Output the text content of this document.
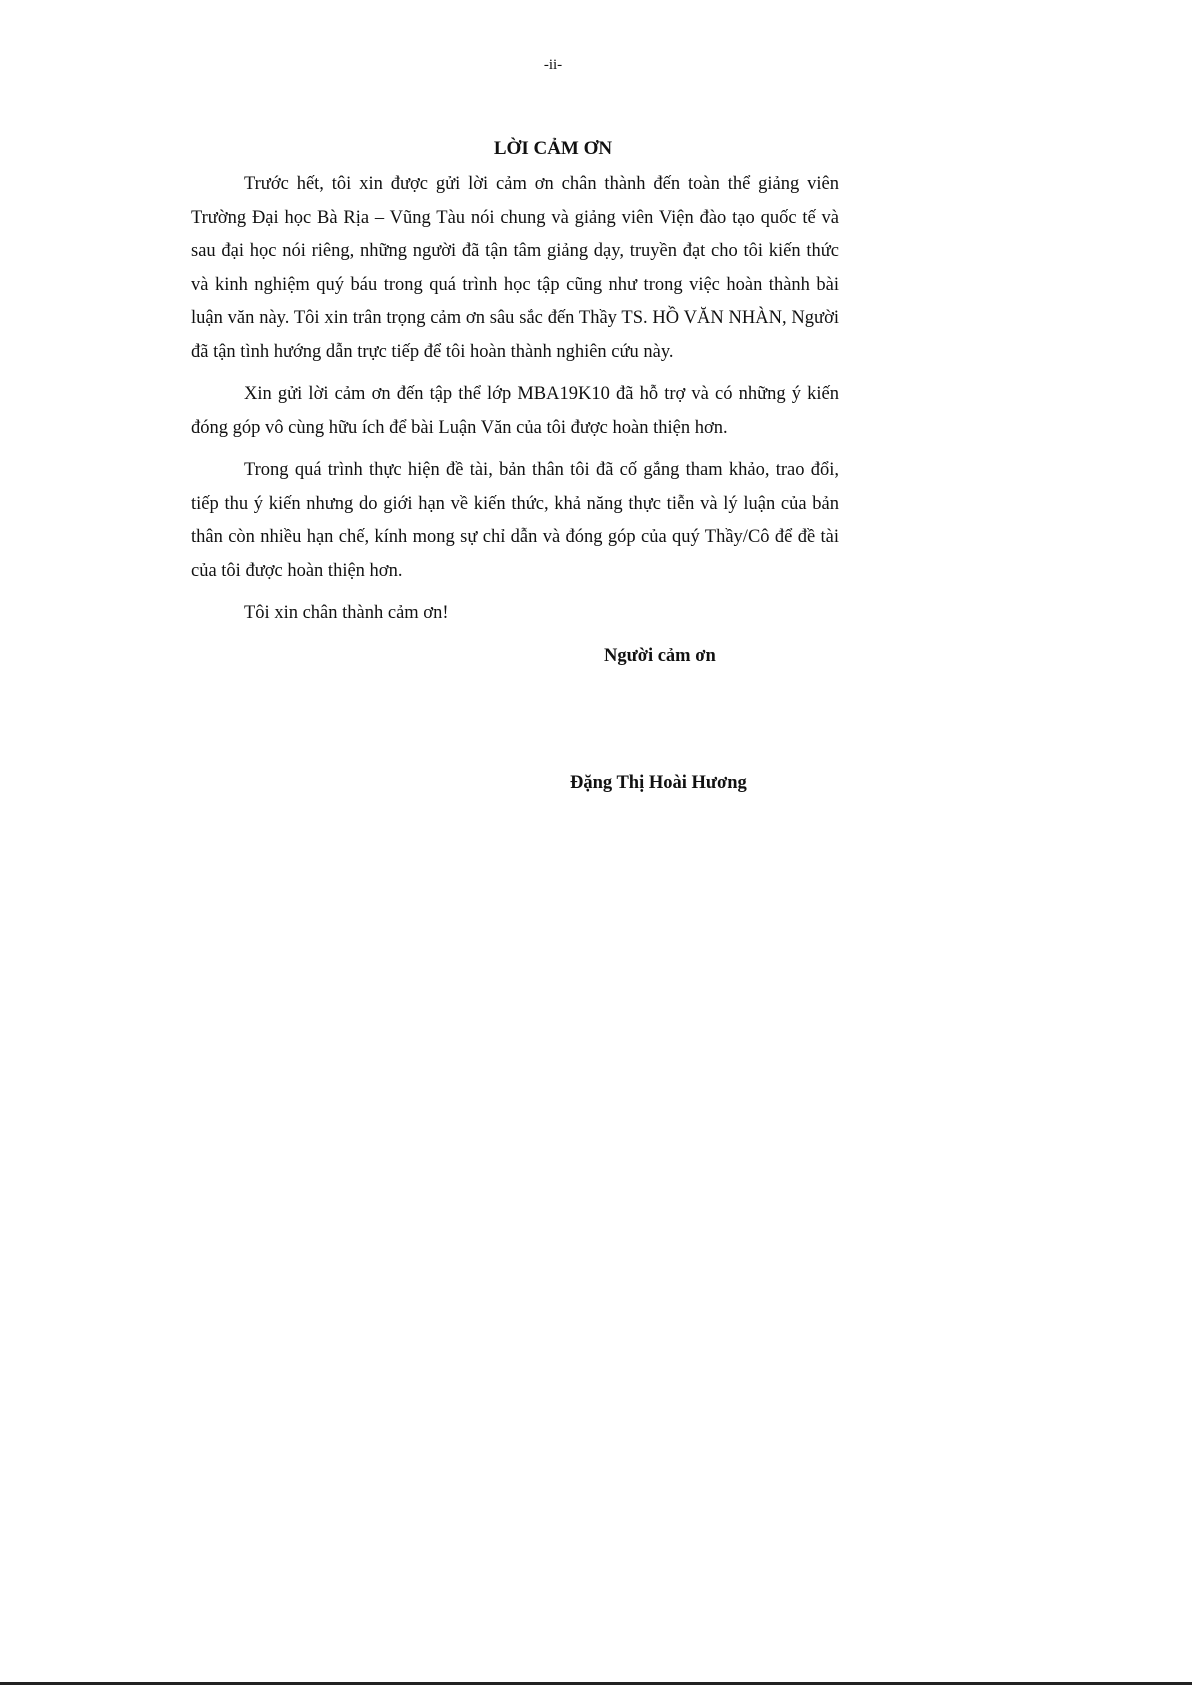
-ii-
LỜI CẢM ƠN

Trước hết, tôi xin được gửi lời cảm ơn chân thành đến toàn thể giảng viên Trường Đại học Bà Rịa – Vũng Tàu nói chung và giảng viên Viện đào tạo quốc tế và sau đại học nói riêng, những người đã tận tâm giảng dạy, truyền đạt cho tôi kiến thức và kinh nghiệm quý báu trong quá trình học tập cũng như trong việc hoàn thành bài luận văn này. Tôi xin trân trọng cảm ơn sâu sắc đến Thầy TS. HỒ VĂN NHÀN, Người đã tận tình hướng dẫn trực tiếp để tôi hoàn thành nghiên cứu này.

Xin gửi lời cảm ơn đến tập thể lớp MBA19K10 đã hỗ trợ và có những ý kiến đóng góp vô cùng hữu ích để bài Luận Văn của tôi được hoàn thiện hơn.

Trong quá trình thực hiện đề tài, bản thân tôi đã cố gắng tham khảo, trao đổi, tiếp thu ý kiến nhưng do giới hạn về kiến thức, khả năng thực tiễn và lý luận của bản thân còn nhiều hạn chế, kính mong sự chỉ dẫn và đóng góp của quý Thầy/Cô để đề tài của tôi được hoàn thiện hơn.

Tôi xin chân thành cảm ơn!

Người cảm ơn
Đặng Thị Hoài Hương
